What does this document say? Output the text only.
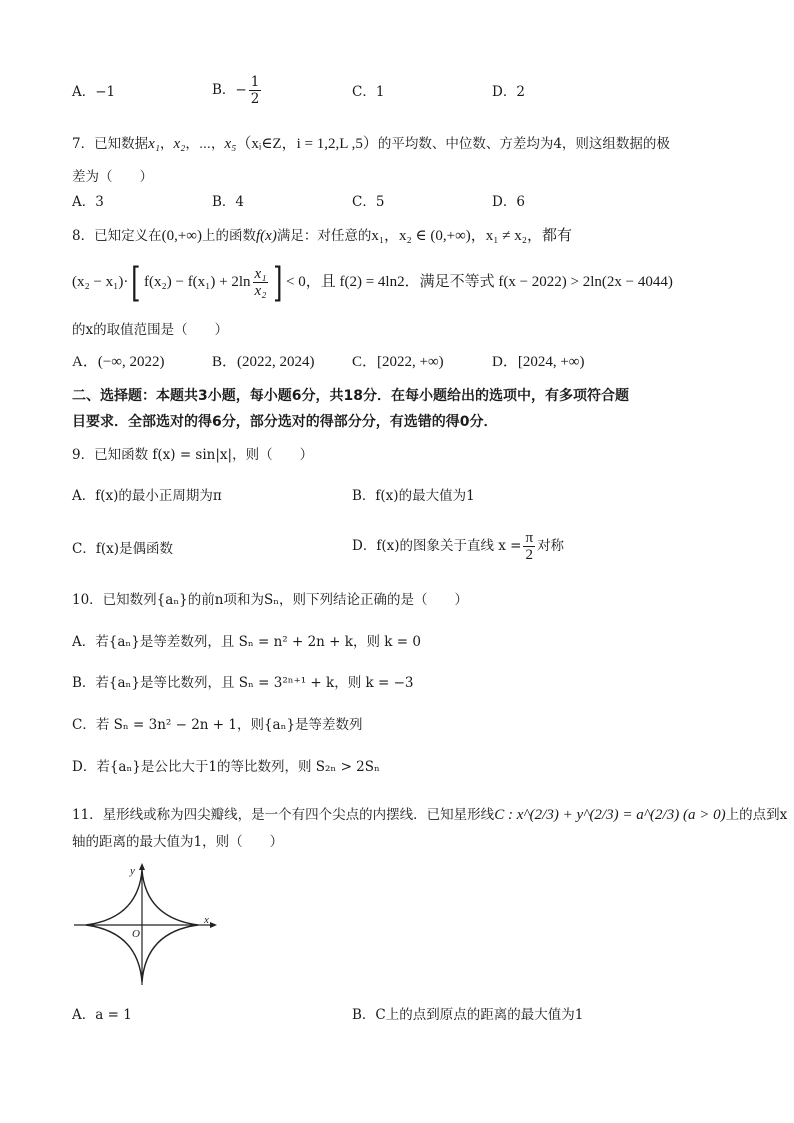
A．−1	B．− $\frac{1}{2}$	C．1	D．2
7．已知数据x₁，x₂，⋯，x₅（xᵢ∈Z，i = 1,2,L ,5）的平均数、中位数、方差均为4，则这组数据的极
差为（　　）
A．3	B．4	C．5	D．6
8．已知定义在(0,+∞)上的函数f(x)满足：对任意的x₁，x₂ ∈ (0,+∞)，x₁ ≠ x₂，都有
(x₂ − x₁)·[ $f(x_2) - f(x_1) + 2\ln \frac{\text{x₁}}{\text{x₂}}$ ] < 0，且 f(2) = 4ln2．满足不等式 f(x − 2022) > 2ln(2x − 4044)
的x的取值范围是（　　）
A．(−∞, 2022)	B．(2022, 2024)	C．[2022, +∞)	D．[2024, +∞)
二、选择题：本题共3小题，每小题6分，共18分．在每小题给出的选项中，有多项符合题
目要求．全部选对的得6分，部分选对的得部分分，有选错的得0分．
9．已知函数 f(x) = sin|x|，则（　　）
A．f(x)的最小正周期为π	B．f(x)的最大值为1
C．f(x)是偶函数	D．f(x)的图象关于直线 $x = \frac{\pi}{2}$ 对称
10．已知数列{aₙ}的前n项和为Sₙ，则下列结论正确的是（　　）
A．若{aₙ}是等差数列，且 Sₙ = n² + 2n + k，则 k = 0
B．若{aₙ}是等比数列，且 Sₙ = 3²ⁿ⁺¹ + k，则 k = −3
C．若 Sₙ = 3n² − 2n + 1，则{aₙ}是等差数列
D．若{aₙ}是公比大于1的等比数列，则 S₂ₙ > 2Sₙ
11．星形线或称为四尖瓣线，是一个有四个尖点的内摆线．已知星形线C : x^(2/3) + y^(2/3) = a^(2/3) (a > 0)上的点到x
轴的距离的最大值为1，则（　　）
y
x
O
A．a = 1	B．C上的点到原点的距离的最大值为1
